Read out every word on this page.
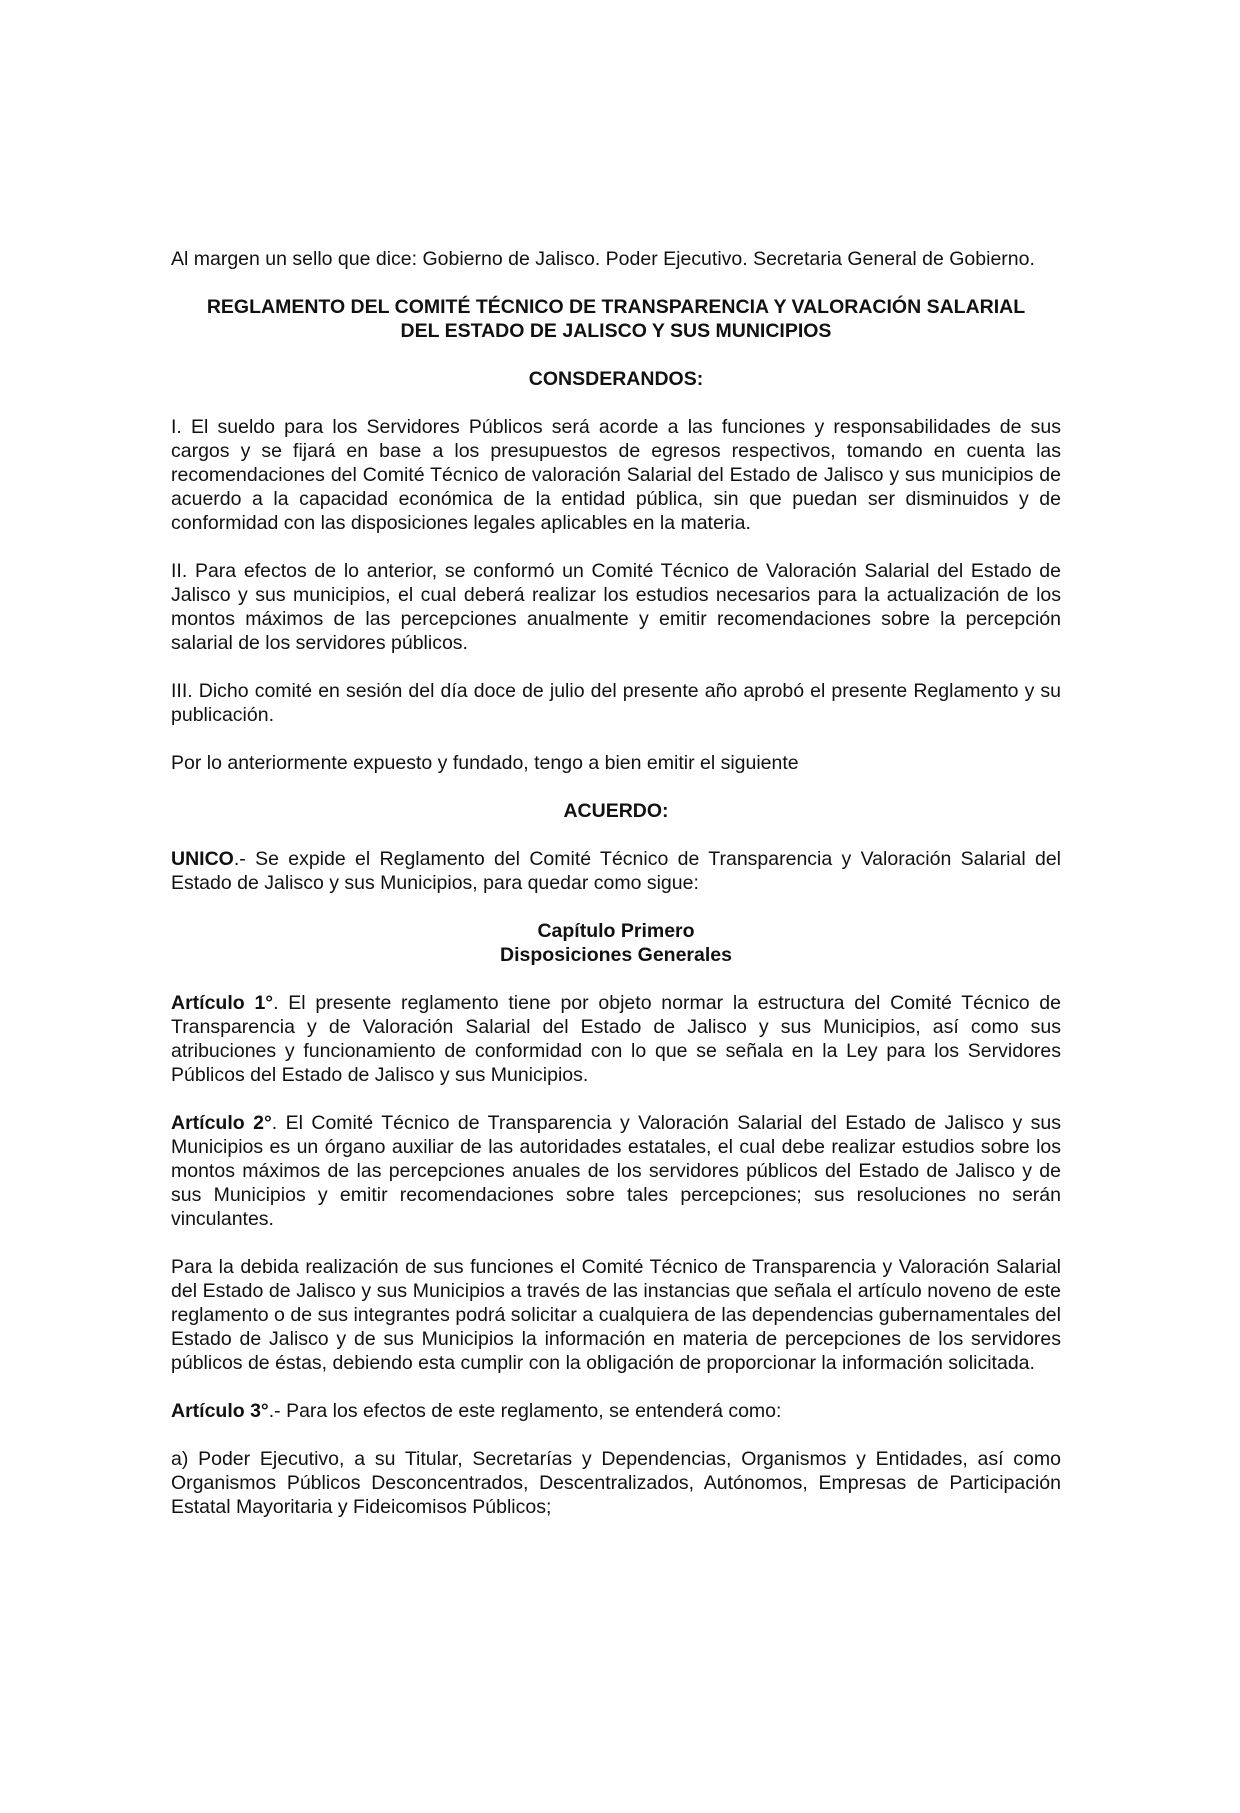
Al margen un sello que dice: Gobierno de Jalisco. Poder Ejecutivo. Secretaria General de Gobierno.

REGLAMENTO DEL COMITÉ TÉCNICO DE TRANSPARENCIA Y VALORACIÓN SALARIAL
DEL ESTADO DE JALISCO Y SUS MUNICIPIOS
CONSDERANDOS:

I. El sueldo para los Servidores Públicos será acorde a las funciones y responsabilidades de sus cargos y se fijará en base a los presupuestos de egresos respectivos, tomando en cuenta las recomendaciones del Comité Técnico de valoración Salarial del Estado de Jalisco y sus municipios de acuerdo a la capacidad económica de la entidad pública, sin que puedan ser disminuidos y de conformidad con las disposiciones legales aplicables en la materia.

II. Para efectos de lo anterior, se conformó un Comité Técnico de Valoración Salarial del Estado de Jalisco y sus municipios, el cual deberá realizar los estudios necesarios para la actualización de los montos máximos de las percepciones anualmente y emitir recomendaciones sobre la percepción salarial de los servidores públicos.

III. Dicho comité en sesión del día doce de julio del presente año aprobó el presente Reglamento y su publicación.

Por lo anteriormente expuesto y fundado, tengo a bien emitir el siguiente

ACUERDO:

UNICO.- Se expide el Reglamento del Comité Técnico de Transparencia y Valoración Salarial del Estado de Jalisco y sus Municipios, para quedar como sigue:

Capítulo Primero
Disposiciones Generales

Artículo 1°. El presente reglamento tiene por objeto normar la estructura del Comité Técnico de Transparencia y de Valoración Salarial del Estado de Jalisco y sus Municipios, así como sus atribuciones y funcionamiento de conformidad con lo que se señala en la Ley para los Servidores Públicos del Estado de Jalisco y sus Municipios.

Artículo 2°. El Comité Técnico de Transparencia y Valoración Salarial del Estado de Jalisco y sus Municipios es un órgano auxiliar de las autoridades estatales, el cual debe realizar estudios sobre los montos máximos de las percepciones anuales de los servidores públicos del Estado de Jalisco y de sus Municipios y emitir recomendaciones sobre tales percepciones; sus resoluciones no serán vinculantes.

Para la debida realización de sus funciones el Comité Técnico de Transparencia y Valoración Salarial del Estado de Jalisco y sus Municipios a través de las instancias que señala el artículo noveno de este reglamento o de sus integrantes podrá solicitar a cualquiera de las dependencias gubernamentales del Estado de Jalisco y de sus Municipios la información en materia de percepciones de los servidores públicos de éstas, debiendo esta cumplir con la obligación de proporcionar la información solicitada.

Artículo 3°.- Para los efectos de este reglamento, se entenderá como:

a) Poder Ejecutivo, a su Titular, Secretarías y Dependencias, Organismos y Entidades, así como Organismos Públicos Desconcentrados, Descentralizados, Autónomos, Empresas de Participación Estatal Mayoritaria y Fideicomisos Públicos;
